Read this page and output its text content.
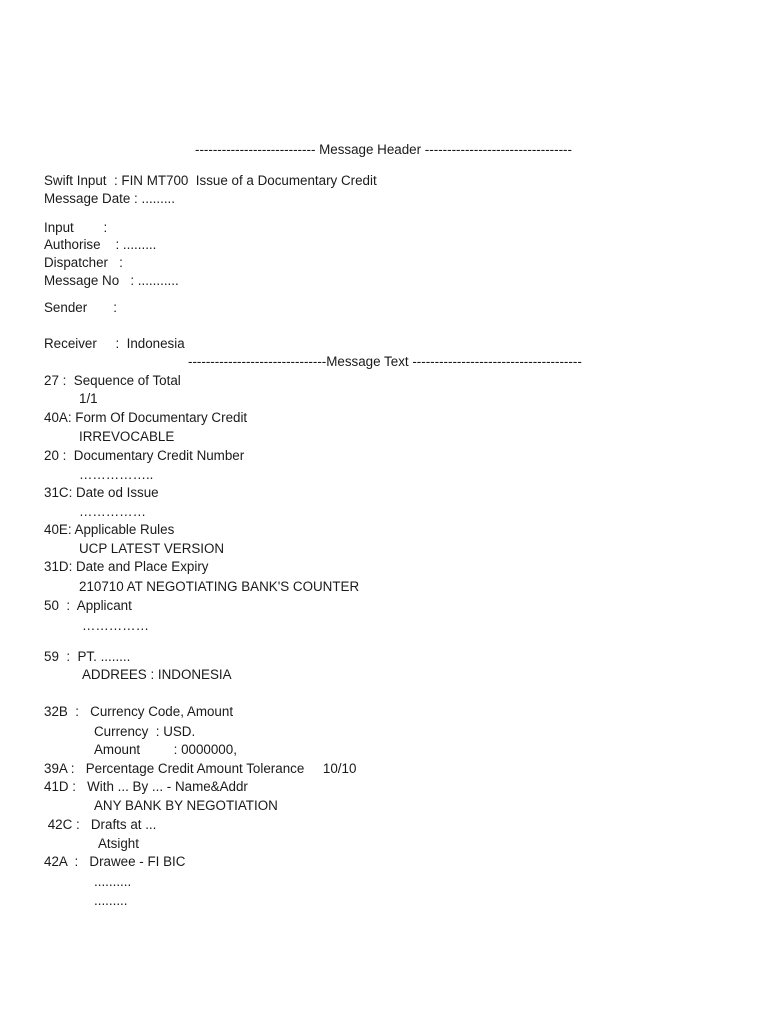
--------------------------- Message Header ---------------------------------
Swift Input  : FIN MT700  Issue of a Documentary Credit
Message Date : .........
Input        :
Authorise    : .........
Dispatcher   :
Message No   : ...........
Sender       :
Receiver     :  Indonesia
-------------------------------Message Text --------------------------------------
27 :  Sequence of Total
1/1
40A: Form Of Documentary Credit
IRREVOCABLE
20 :  Documentary Credit Number
……………..
31C: Date od Issue
……………
40E: Applicable Rules
UCP LATEST VERSION
31D: Date and Place Expiry
210710 AT NEGOTIATING BANK'S COUNTER
50  :  Applicant
……………
59  :  PT. ........
ADDREES : INDONESIA
32B  :   Currency Code, Amount
Currency  : USD.
Amount         : 0000000,
39A :   Percentage Credit Amount Tolerance     10/10
41D :   With ... By ... - Name&Addr
ANY BANK BY NEGOTIATION
42C :   Drafts at ...
Atsight
42A  :   Drawee - FI BIC
..........
.........
